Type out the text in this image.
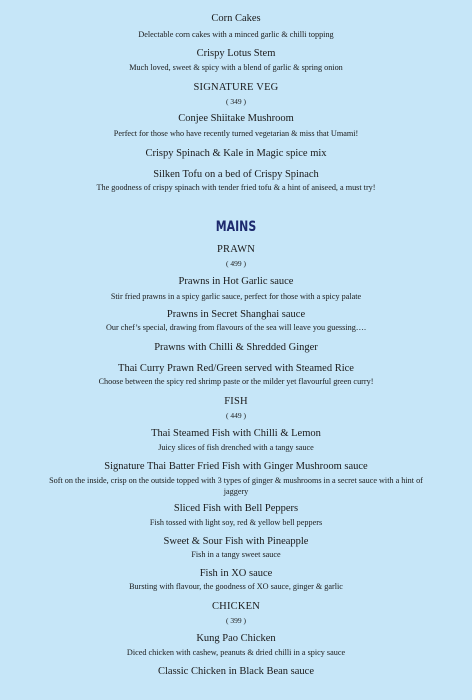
Corn Cakes
Delectable corn cakes with a minced garlic & chilli topping
Crispy Lotus Stem
Much loved, sweet & spicy with a blend of garlic & spring onion
SIGNATURE VEG
( 349 )
Conjee Shiitake Mushroom
Perfect for those who have recently turned vegetarian & miss that Umami!
Crispy Spinach & Kale in Magic spice mix
Silken Tofu on a bed of Crispy Spinach
The goodness of crispy spinach with tender fried tofu & a hint of aniseed, a must try!
MAINS
PRAWN
( 499 )
Prawns in Hot Garlic sauce
Stir fried prawns in a spicy garlic sauce, perfect for those with a spicy palate
Prawns in Secret Shanghai sauce
Our chef’s special, drawing from flavours of the sea will leave you guessing….
Prawns with Chilli & Shredded Ginger
Thai Curry Prawn Red/Green served with Steamed Rice
Choose between the spicy red shrimp paste or the milder yet flavourful green curry!
FISH
( 449 )
Thai Steamed Fish with Chilli & Lemon
Juicy slices of fish drenched with a tangy sauce
Signature Thai Batter Fried Fish with Ginger Mushroom sauce
Soft on the inside, crisp on the outside topped with 3 types of ginger & mushrooms in a secret sauce with a hint of
jaggery
Sliced Fish with Bell Peppers
Fish tossed with light soy, red & yellow bell peppers
Sweet & Sour Fish with Pineapple
Fish in a tangy sweet sauce
Fish in XO sauce
Bursting with flavour, the goodness of XO sauce, ginger & garlic
CHICKEN
( 399 )
Kung Pao Chicken
Diced chicken with cashew, peanuts & dried chilli in a spicy sauce
Classic Chicken in Black Bean sauce
